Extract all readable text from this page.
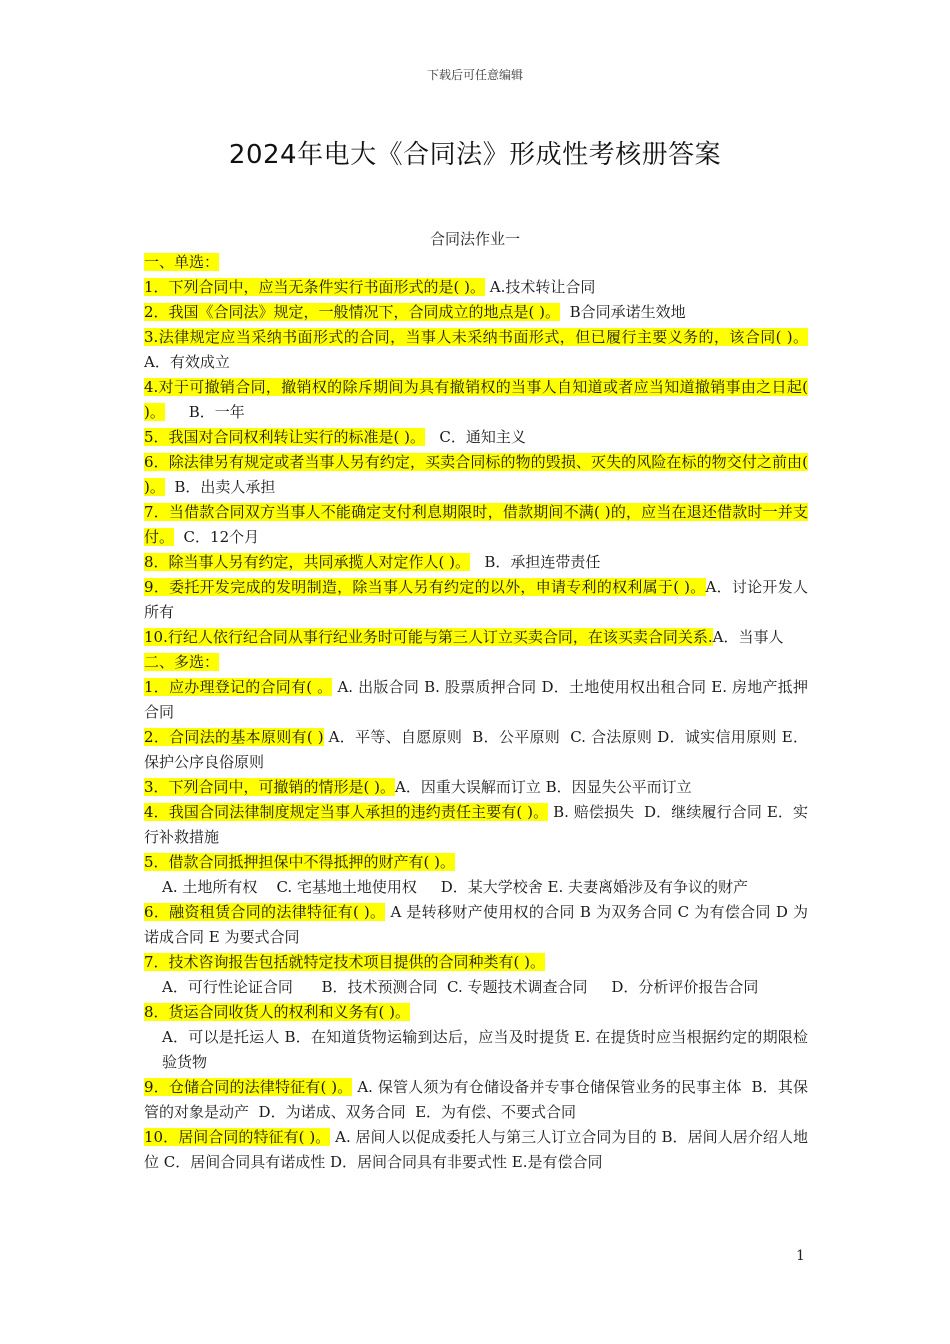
下载后可任意编辑
2024年电大《合同法》形成性考核册答案
合同法作业一

一、单选：

1．下列合同中，应当无条件实行书面形式的是( )。 A.技术转让合同

2．我国《合同法》规定，一般情况下，合同成立的地点是( )。  B合同承诺生效地

3.法律规定应当采纳书面形式的合同，当事人未采纳书面形式，但已履行主要义务的，该合同( )。 A．有效成立

4.对于可撤销合同，撤销权的除斥期间为具有撤销权的当事人自知道或者应当知道撤销事由之日起( )。     B．一年

5．我国对合同权利转让实行的标准是( )。   C．通知主义

6．除法律另有规定或者当事人另有约定，买卖合同标的物的毁损、灭失的风险在标的物交付之前由( )。  B．出卖人承担

7．当借款合同双方当事人不能确定支付利息期限时，借款期间不满( )的，应当在退还借款时一并支付。  C．12个月

8．除当事人另有约定，共同承揽人对定作人( )。   B．承担连带责任

9．委托开发完成的发明制造，除当事人另有约定的以外，申请专利的权利属于( )。A．讨论开发人所有

10.行纪人依行纪合同从事行纪业务时可能与第三人订立买卖合同，在该买卖合同关系.A．当事人

二、多选：

1．应办理登记的合同有( 。 A. 出版合同 B. 股票质押合同 D．土地使用权出租合同 E. 房地产抵押合同

2．合同法的基本原则有( ) A．平等、自愿原则  B．公平原则  C. 合法原则 D．诚实信用原则 E．保护公序良俗原则

3．下列合同中，可撤销的情形是( )。A．因重大误解而订立 B．因显失公平而订立

4．我国合同法律制度规定当事人承担的违约责任主要有( )。 B. 赔偿损失  D．继续履行合同 E．实行补救措施

5．借款合同抵押担保中不得抵押的财产有( )。

A. 土地所有权    C. 宅基地土地使用权     D．某大学校舍 E. 夫妻离婚涉及有争议的财产

6．融资租赁合同的法律特征有( )。 A 是转移财产使用权的合同 B 为双务合同 C 为有偿合同 D 为诺成合同 E 为要式合同

7．技术咨询报告包括就特定技术项目提供的合同种类有( )。

A．可行性论证合同      B．技术预测合同  C. 专题技术调查合同     D．分析评价报告合同

8．货运合同收货人的权利和义务有( )。

A．可以是托运人 B．在知道货物运输到达后，应当及时提货 E. 在提货时应当根据约定的期限检验货物

9．仓储合同的法律特征有( )。 A. 保管人须为有仓储设备并专事仓储保管业务的民事主体  B．其保管的对象是动产  D．为诺成、双务合同  E．为有偿、不要式合同

10．居间合同的特征有( )。 A. 居间人以促成委托人与第三人订立合同为目的 B．居间人居介绍人地位 C．居间合同具有诺成性 D．居间合同具有非要式性 E.是有偿合同

1
